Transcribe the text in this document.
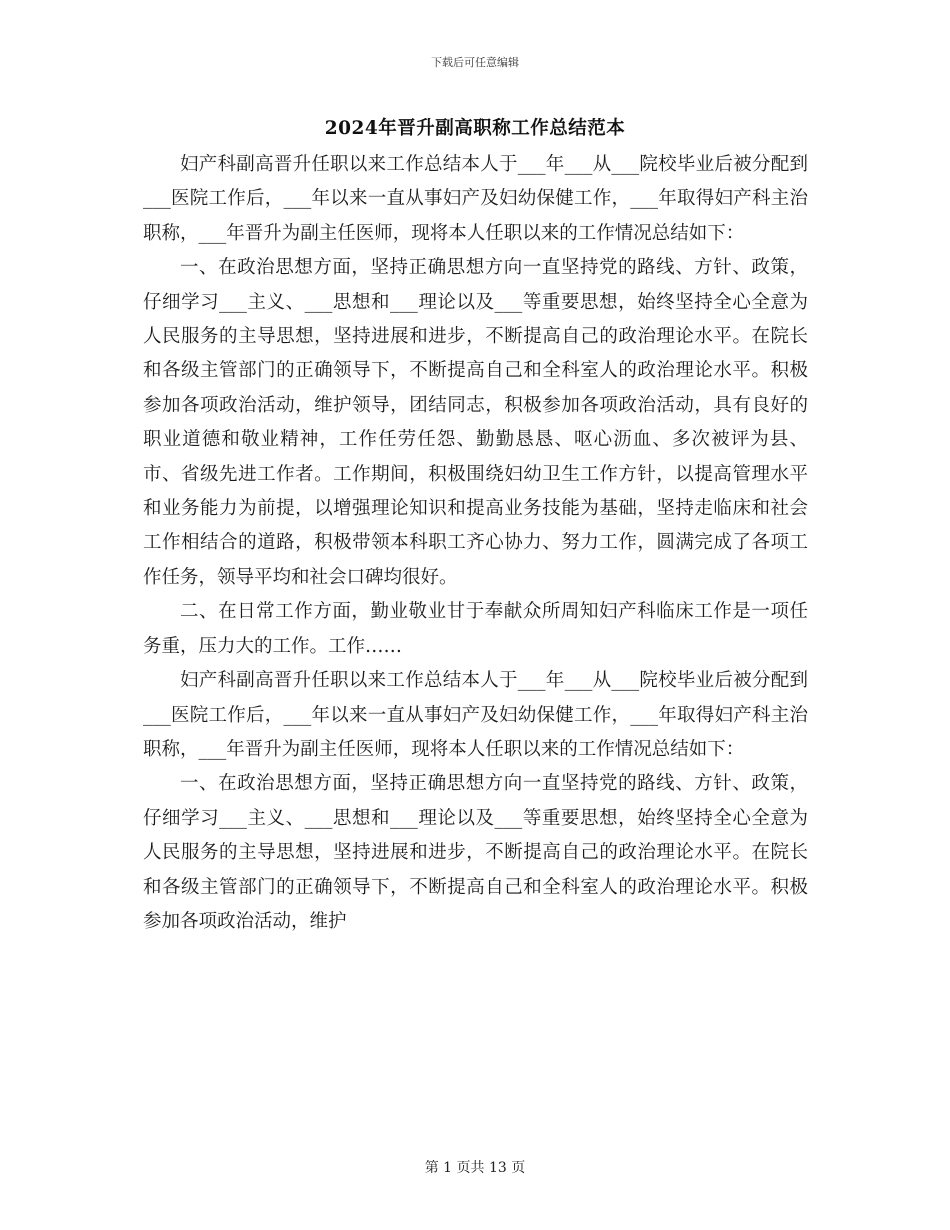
下载后可任意编辑
2024年晋升副高职称工作总结范本

妇产科副高晋升任职以来工作总结本人于___年___从___院校毕业后被分配到___医院工作后，___年以来一直从事妇产及妇幼保健工作，___年取得妇产科主治职称，___年晋升为副主任医师，现将本人任职以来的工作情况总结如下：

一、在政治思想方面，坚持正确思想方向一直坚持党的路线、方针、政策，仔细学习___主义、___思想和___理论以及___等重要思想，始终坚持全心全意为人民服务的主导思想，坚持进展和进步，不断提高自己的政治理论水平。在院长和各级主管部门的正确领导下，不断提高自己和全科室人的政治理论水平。积极参加各项政治活动，维护领导，团结同志，积极参加各项政治活动，具有良好的职业道德和敬业精神，工作任劳任怨、勤勤恳恳、呕心沥血、多次被评为县、市、省级先进工作者。工作期间，积极围绕妇幼卫生工作方针，以提高管理水平和业务能力为前提，以增强理论知识和提高业务技能为基础，坚持走临床和社会工作相结合的道路，积极带领本科职工齐心协力、努力工作，圆满完成了各项工作任务，领导平均和社会口碑均很好。

二、在日常工作方面，勤业敬业甘于奉献众所周知妇产科临床工作是一项任务重，压力大的工作。工作……

妇产科副高晋升任职以来工作总结本人于___年___从___院校毕业后被分配到___医院工作后，___年以来一直从事妇产及妇幼保健工作，___年取得妇产科主治职称，___年晋升为副主任医师，现将本人任职以来的工作情况总结如下：

一、在政治思想方面，坚持正确思想方向一直坚持党的路线、方针、政策，仔细学习___主义、___思想和___理论以及___等重要思想，始终坚持全心全意为人民服务的主导思想，坚持进展和进步，不断提高自己的政治理论水平。在院长和各级主管部门的正确领导下，不断提高自己和全科室人的政治理论水平。积极参加各项政治活动，维护

第 1 页共 13 页
